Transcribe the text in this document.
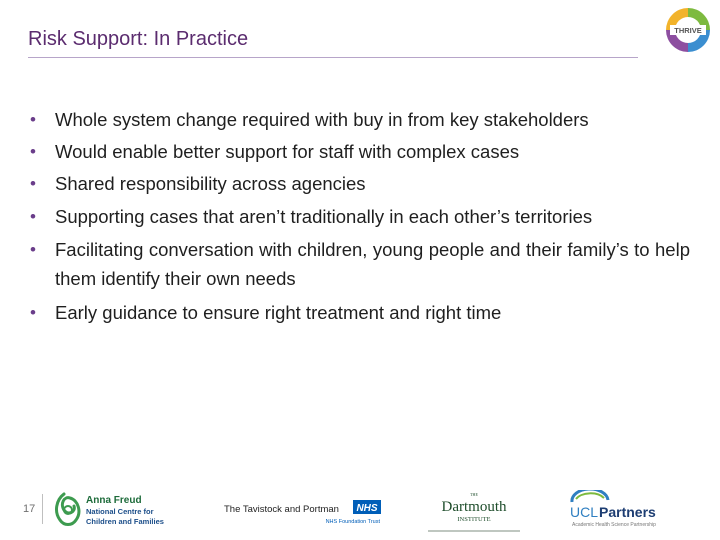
Risk Support: In Practice	THRIVE
• Whole system change required with buy in from key stakeholders
• Would enable better support for staff with complex cases
• Shared responsibility across agencies
• Supporting cases that aren’t traditionally in each other’s territories
• Facilitating conversation with children, young people and their family’s to help them identify their own needs
• Early guidance to ensure right treatment and right time
17
Anna Freud
National Centre for
Children and Families
The Tavistock and Portman NHS
NHS Foundation Trust
THE
Dartmouth
INSTITUTE	UCL Partners
Academic Health Science Partnership
